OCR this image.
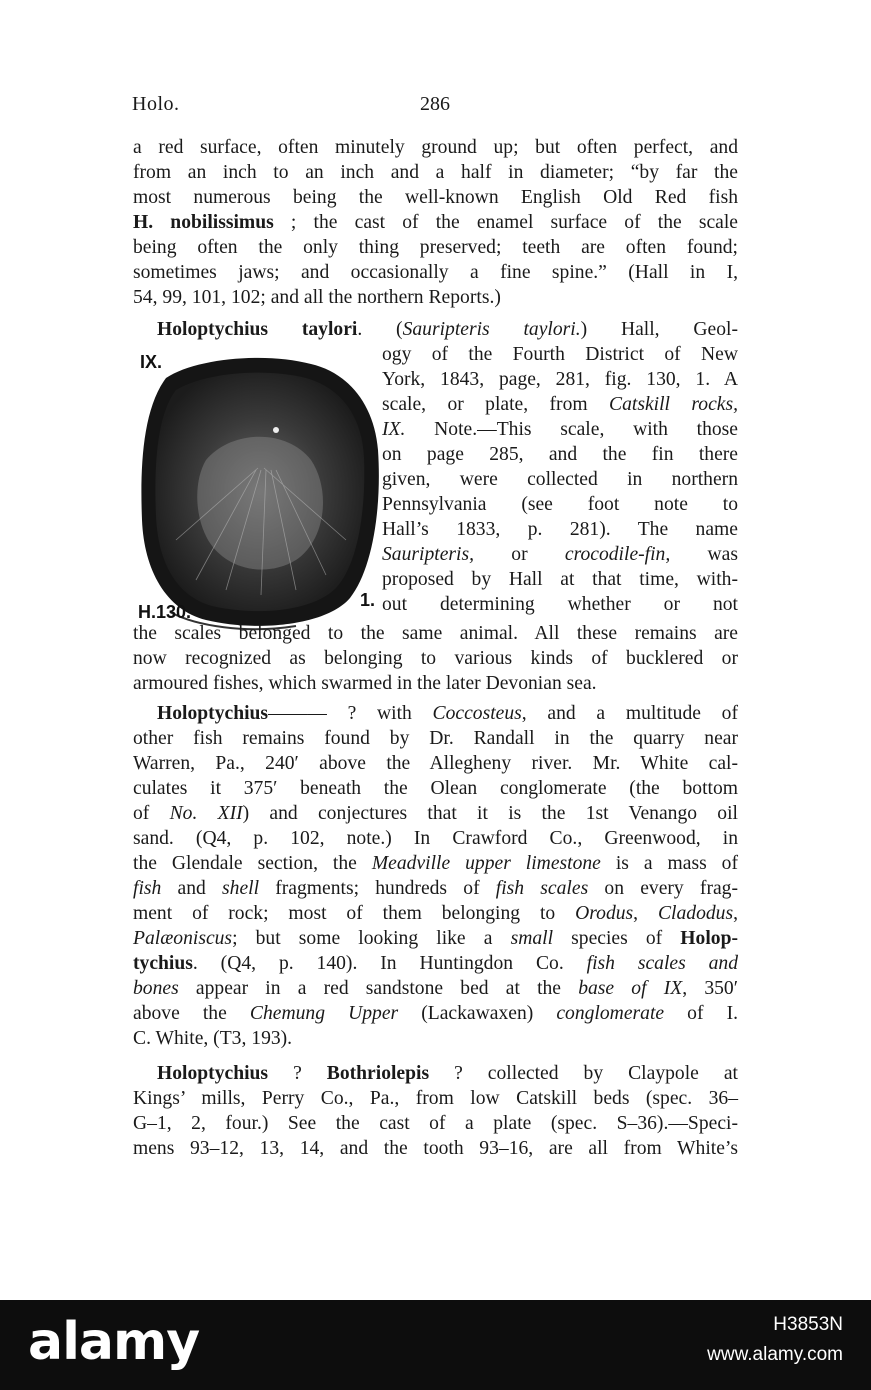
Holo.	286
a red surface, often minutely ground up; but often perfect, and
from an inch to an inch and a half in diameter; “by far the
most numerous being the well-known English Old Red fish
H. nobilissimus ; the cast of the enamel surface of the scale
being often the only thing preserved; teeth are often found;
sometimes jaws; and occasionally a fine spine.” (Hall in I,
54, 99, 101, 102; and all the northern Reports.)
Holoptychius taylori. (Sauripteris taylori.) Hall, Geol-
IX.
H.130.
1.
ogy of the Fourth District of New
York, 1843, page, 281, fig. 130, 1. A
scale, or plate, from Catskill rocks,
IX. Note.—This scale, with those
on page 285, and the fin there
given, were collected in northern
Pennsylvania (see foot note to
Hall’s 1833, p. 281). The name
Sauripteris, or crocodile-fin, was
proposed by Hall at that time, with-
out determining whether or not
the scales belonged to the same animal. All these remains are
now recognized as belonging to various kinds of bucklered or
armoured fishes, which swarmed in the later Devonian sea.
Holoptychius——— ? with Coccosteus, and a multitude of
other fish remains found by Dr. Randall in the quarry near
Warren, Pa., 240′ above the Allegheny river. Mr. White cal-
culates it 375′ beneath the Olean conglomerate (the bottom
of No. XII) and conjectures that it is the 1st Venango oil
sand. (Q4, p. 102, note.) In Crawford Co., Greenwood, in
the Glendale section, the Meadville upper limestone is a mass of
fish and shell fragments; hundreds of fish scales on every frag-
ment of rock; most of them belonging to Orodus, Cladodus,
Palæoniscus; but some looking like a small species of Holop-
tychius. (Q4, p. 140). In Huntingdon Co. fish scales and
bones appear in a red sandstone bed at the base of IX, 350′
above the Chemung Upper (Lackawaxen) conglomerate of I.
C. White, (T3, 193).
Holoptychius ? Bothriolepis ? collected by Claypole at
Kings’ mills, Perry Co., Pa., from low Catskill beds (spec. 36–
G–1, 2, four.) See the cast of a plate (spec. S–36).—Speci-
mens 93–12, 13, 14, and the tooth 93–16, are all from White’s
alamy	H3853N
www.alamy.com
